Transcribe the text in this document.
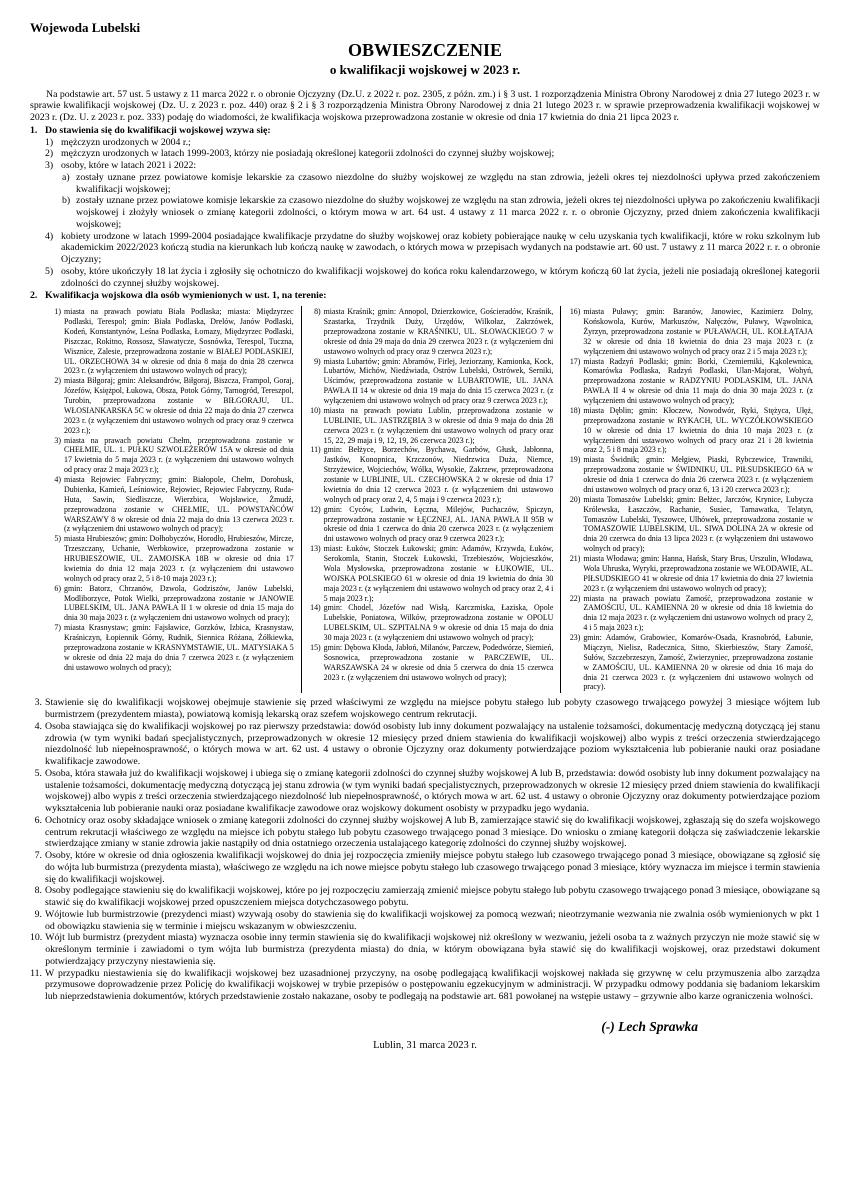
Wojewoda Lubelski
OBWIESZCZENIE
o kwalifikacji wojskowej w 2023 r.

Na podstawie art. 57 ust. 5 ustawy z 11 marca 2022 r. o obronie Ojczyzny (Dz.U. z 2022 r. poz. 2305, z późn. zm.) i § 3 ust. 1 rozporządzenia Ministra Obrony Narodowej z dnia 27 lutego 2023 r. w sprawie kwalifikacji wojskowej (Dz. U. z 2023 r. poz. 440) oraz § 2 i § 3 rozporządzenia Ministra Obrony Narodowej z dnia 21 lutego 2023 r. w sprawie przeprowadzenia kwalifikacji wojskowej w 2023 r. (Dz. U. z 2023 r. poz. 333) podaję do wiadomości, że kwalifikacja wojskowa przeprowadzona zostanie w okresie od dnia 17 kwietnia do dnia 21 lipca 2023 r.

1. Do stawienia się do kwalifikacji wojskowej wzywa się:
1) mężczyzn urodzonych w 2004 r.;
2) mężczyzn urodzonych w latach 1999-2003, którzy nie posiadają określonej kategorii zdolności do czynnej służby wojskowej;
3) osoby, które w latach 2021 i 2022:
a) zostały uznane przez powiatowe komisje lekarskie za czasowo niezdolne do służby wojskowej ze względu na stan zdrowia, jeżeli okres tej niezdolności upływa przed zakończeniem kwalifikacji wojskowej;
b) zostały uznane przez powiatowe komisje lekarskie za czasowo niezdolne do służby wojskowej ze względu na stan zdrowia, jeżeli okres tej niezdolności upływa po zakończeniu kwalifikacji wojskowej i złożyły wniosek o zmianę kategorii zdolności, o którym mowa w art. 64 ust. 4 ustawy z 11 marca 2022 r. r. o obronie Ojczyzny, przed dniem zakończenia kwalifikacji wojskowej;
4) kobiety urodzone w latach 1999-2004 posiadające kwalifikacje przydatne do służby wojskowej oraz kobiety pobierające naukę w celu uzyskania tych kwalifikacji, które w roku szkolnym lub akademickim 2022/2023 kończą studia na kierunkach lub kończą naukę w zawodach, o których mowa w przepisach wydanych na podstawie art. 60 ust. 7 ustawy z 11 marca 2022 r. r. o obronie Ojczyzny;
5) osoby, które ukończyły 18 lat życia i zgłosiły się ochotniczo do kwalifikacji wojskowej do końca roku kalendarzowego, w którym kończą 60 lat życia, jeżeli nie posiadają określonej kategorii zdolności do czynnej służby wojskowej.
2. Kwalifikacja wojskowa dla osób wymienionych w ust. 1, na terenie:
1) miasta na prawach powiatu Biała Podlaska; miasta: Międzyrzec Podlaski, Terespol; gmin: Biała Podlaska, Drelów, Janów Podlaski, Kodeń, Konstantynów, Leśna Podlaska, Łomazy, Międzyrzec Podlaski, Piszczac, Rokitno, Rossosz, Sławatycze, Sosnówka, Terespol, Tuczna, Wisznice, Zalesie, przeprowadzona zostanie w BIAŁEJ PODLASKIEJ, UL. ORZECHOWA 34 w okresie od dnia 8 maja do dnia 28 czerwca 2023 r. (z wyłączeniem dni ustawowo wolnych od pracy);
2) miasta Biłgoraj; gmin: Aleksandrów, Biłgoraj, Biszcza, Frampol, Goraj, Józefów, Księżpol, Łukowa, Obsza, Potok Górny, Tarnogród, Tereszpol, Turobin, przeprowadzona zostanie w BIŁGORAJU, UL. WŁOSIANKARSKA 5C w okresie od dnia 22 maja do dnia 27 czerwca 2023 r. (z wyłączeniem dni ustawowo wolnych od pracy oraz 9 czerwca 2023 r.);
3) miasta na prawach powiatu Chełm, przeprowadzona zostanie w CHEŁMIE, UL. 1. PUŁKU SZWOLEŻERÓW 15A w okresie od dnia 17 kwietnia do 5 maja 2023 r. (z wyłączeniem dni ustawowo wolnych od pracy oraz 2 maja 2023 r.);
4) miasta Rejowiec Fabryczny; gmin: Białopole, Chełm, Dorohusk, Dubienka, Kamień, Leśniowice, Rejowiec, Rejowiec Fabryczny, Ruda-Huta, Sawin, Siedliszcze, Wierzbica, Wojsławice, Żmudź, przeprowadzona zostanie w CHEŁMIE, UL. POWSTAŃCÓW WARSZAWY 8 w okresie od dnia 22 maja do dnia 13 czerwca 2023 r. (z wyłączeniem dni ustawowo wolnych od pracy);
5) miasta Hrubieszów; gmin: Dołhobyczów, Horodło, Hrubieszów, Mircze, Trzeszczany, Uchanie, Werbkowice, przeprowadzona zostanie w HRUBIESZOWIE, UL. ZAMOJSKA 18B w okresie od dnia 17 kwietnia do dnia 12 maja 2023 r. (z wyłączeniem dni ustawowo wolnych od pracy oraz 2, 5 i 8-10 maja 2023 r.);
6) gmin: Batorz, Chrzanów, Dzwola, Godziszów, Janów Lubelski, Modliborzyce, Potok Wielki, przeprowadzona zostanie w JANOWIE LUBELSKIM, UL. JANA PAWŁA II 1 w okresie od dnia 15 maja do dnia 30 maja 2023 r. (z wyłączeniem dni ustawowo wolnych od pracy);
7) miasta Krasnystaw; gmin: Fajsławice, Gorzków, Izbica, Krasnystaw, Kraśniczyn, Łopiennik Górny, Rudnik, Siennica Różana, Żółkiewka, przeprowadzona zostanie w KRASNYMSTAWIE, UL. MATYSIAKA 5 w okresie od dnia 22 maja do dnia 7 czerwca 2023 r. (z wyłączeniem dni ustawowo wolnych od pracy);
8) miasta Kraśnik; gmin: Annopol, Dzierzkowice, Gościeradów, Kraśnik, Szastarka, Trzydnik Duży, Urzędów, Wilkołaz, Zakrzówek, przeprowadzona zostanie w KRAŚNIKU, UL. SŁOWACKIEGO 7 w okresie od dnia 29 maja do dnia 29 czerwca 2023 r. (z wyłączeniem dni ustawowo wolnych od pracy oraz 9 czerwca 2023 r.);
9) miasta Lubartów; gmin: Abramów, Firlej, Jeziorzany, Kamionka, Kock, Lubartów, Michów, Niedźwiada, Ostrów Lubelski, Ostrówek, Serniki, Uścimów, przeprowadzona zostanie w LUBARTOWIE, UL. JANA PAWŁA II 14 w okresie od dnia 19 maja do dnia 15 czerwca 2023 r. (z wyłączeniem dni ustawowo wolnych od pracy oraz 9 czerwca 2023 r.);
10) miasta na prawach powiatu Lublin, przeprowadzona zostanie w LUBLINIE, UL. JASTRZĘBIA 3 w okresie od dnia 9 maja do dnia 28 czerwca 2023 r. (z wyłączeniem dni ustawowo wolnych od pracy oraz 15, 22, 29 maja i 9, 12, 19, 26 czerwca 2023 r.);
11) gmin: Bełżyce, Borzechów, Bychawa, Garbów, Głusk, Jabłonna, Jastków, Konopnica, Krzczonów, Niedrzwica Duża, Niemce, Strzyżewice, Wojciechów, Wólka, Wysokie, Zakrzew, przeprowadzona zostanie w LUBLINIE, UL. CZECHOWSKA 2 w okresie od dnia 17 kwietnia do dnia 12 czerwca 2023 r. (z wyłączeniem dni ustawowo wolnych od pracy oraz 2, 4, 5 maja i 9 czerwca 2023 r.);
12) gmin: Cyców, Ludwin, Łęczna, Milejów, Puchaczów, Spiczyn, przeprowadzona zostanie w ŁĘCZNEJ, AL. JANA PAWŁA II 95B w okresie od dnia 1 czerwca do dnia 20 czerwca 2023 r. (z wyłączeniem dni ustawowo wolnych od pracy oraz 9 czerwca 2023 r.);
13) miast: Łuków, Stoczek Łukowski; gmin: Adamów, Krzywda, Łuków, Serokomla, Stanin, Stoczek Łukowski, Trzebieszów, Wojcieszków, Wola Mysłowska, przeprowadzona zostanie w ŁUKOWIE, UL. WOJSKA POLSKIEGO 61 w okresie od dnia 19 kwietnia do dnia 30 maja 2023 r. (z wyłączeniem dni ustawowo wolnych od pracy oraz 2, 4 i 5 maja 2023 r.);
14) gmin: Chodel, Józefów nad Wisłą, Karczmiska, Łaziska, Opole Lubelskie, Poniatowa, Wilków, przeprowadzona zostanie w OPOLU LUBELSKIM, UL. SZPITALNA 9 w okresie od dnia 15 maja do dnia 30 maja 2023 r. (z wyłączeniem dni ustawowo wolnych od pracy);
15) gmin: Dębowa Kłoda, Jabłoń, Milanów, Parczew, Podedwórze, Siemień, Sosnowica, przeprowadzona zostanie w PARCZEWIE, UL. WARSZAWSKA 24 w okresie od dnia 5 czerwca do dnia 15 czerwca 2023 r. (z wyłączeniem dni ustawowo wolnych od pracy);
16) miasta Puławy; gmin: Baranów, Janowiec, Kazimierz Dolny, Końskowola, Kurów, Markuszów, Nałęczów, Puławy, Wąwolnica, Żyrzyn, przeprowadzona zostanie w PUŁAWACH, UL. KOŁŁĄTAJA 32 w okresie od dnia 18 kwietnia do dnia 23 maja 2023 r. (z wyłączeniem dni ustawowo wolnych od pracy oraz 2 i 5 maja 2023 r.);
17) miasta Radzyń Podlaski; gmin: Borki, Czemierniki, Kąkolewnica, Komarówka Podlaska, Radzyń Podlaski, Ulan-Majorat, Wohyń, przeprowadzona zostanie w RADZYNIU PODLASKIM, UL. JANA PAWŁA II 4 w okresie od dnia 11 maja do dnia 30 maja 2023 r. (z wyłączeniem dni ustawowo wolnych od pracy);
18) miasta Dęblin; gmin: Kłoczew, Nowodwór, Ryki, Stężyca, Ułęż, przeprowadzona zostanie w RYKACH, UL. WYCZÓŁKOWSKIEGO 10 w okresie od dnia 17 kwietnia do dnia 10 maja 2023 r. (z wyłączeniem dni ustawowo wolnych od pracy oraz 21 i 28 kwietnia oraz 2, 5 i 8 maja 2023 r.);
19) miasta Świdnik; gmin: Mełgiew, Piaski, Rybczewice, Trawniki, przeprowadzona zostanie w ŚWIDNIKU, UL. PIŁSUDSKIEGO 6A w okresie od dnia 1 czerwca do dnia 26 czerwca 2023 r. (z wyłączeniem dni ustawowo wolnych od pracy oraz 6, 13 i 20 czerwca 2023 r.);
20) miasta Tomaszów Lubelski; gmin: Bełżec, Jarczów, Krynice, Lubycza Królewska, Łaszczów, Rachanie, Susiec, Tarnawatka, Telatyn, Tomaszów Lubelski, Tyszowce, Ulhówek, przeprowadzona zostanie w TOMASZOWIE LUBELSKIM, UL. SIWA DOLINA 2A w okresie od dnia 20 czerwca do dnia 13 lipca 2023 r. (z wyłączeniem dni ustawowo wolnych od pracy);
21) miasta Włodawa; gmin: Hanna, Hańsk, Stary Brus, Urszulin, Włodawa, Wola Uhruska, Wyryki, przeprowadzona zostanie we WŁODAWIE, AL. PIŁSUDSKIEGO 41 w okresie od dnia 17 kwietnia do dnia 27 kwietnia 2023 r. (z wyłączeniem dni ustawowo wolnych od pracy);
22) miasta na prawach powiatu Zamość, przeprowadzona zostanie w ZAMOŚCIU, UL. KAMIENNA 20 w okresie od dnia 18 kwietnia do dnia 12 maja 2023 r. (z wyłączeniem dni ustawowo wolnych od pracy 2, 4 i 5 maja 2023 r.);
23) gmin: Adamów, Grabowiec, Komarów-Osada, Krasnobród, Łabunie, Miączyn, Nielisz, Radecznica, Sitno, Skierbieszów, Stary Zamość, Sułów, Szczebrzeszyn, Zamość, Zwierzyniec, przeprowadzona zostanie w ZAMOŚCIU, UL. KAMIENNA 20 w okresie od dnia 16 maja do dnia 21 czerwca 2023 r. (z wyłączeniem dni ustawowo wolnych od pracy).
3. Stawienie się do kwalifikacji wojskowej obejmuje stawienie się przed właściwymi ze względu na miejsce pobytu stałego lub pobyty czasowego trwającego powyżej 3 miesiące wójtem lub burmistrzem (prezydentem miasta), powiatową komisją lekarską oraz szefem wojskowego centrum rekrutacji.
4. Osoba stawiająca się do kwalifikacji wojskowej po raz pierwszy przedstawia: dowód osobisty lub inny dokument pozwalający na ustalenie tożsamości, dokumentację medyczną dotyczącą jej stanu zdrowia (w tym wyniki badań specjalistycznych, przeprowadzonych w okresie 12 miesięcy przed dniem stawienia do kwalifikacji wojskowej) albo wypis z treści orzeczenia stwierdzającego niezdolność lub niepełnosprawność, o których mowa w art. 62 ust. 4 ustawy o obronie Ojczyzny oraz dokumenty potwierdzające poziom wykształcenia lub pobieranie nauki oraz posiadane kwalifikacje zawodowe.
5. Osoba, która stawała już do kwalifikacji wojskowej i ubiega się o zmianę kategorii zdolności do czynnej służby wojskowej A lub B, przedstawia: dowód osobisty lub inny dokument pozwalający na ustalenie tożsamości, dokumentację medyczną dotyczącą jej stanu zdrowia (w tym wyniki badań specjalistycznych, przeprowadzonych w okresie 12 miesięcy przed dniem stawienia do kwalifikacji wojskowej) albo wypis z treści orzeczenia stwierdzającego niezdolność lub niepełnosprawność, o których mowa w art. 62 ust. 4 ustawy o obronie Ojczyzny oraz dokumenty potwierdzające poziom wykształcenia lub pobieranie nauki oraz posiadane kwalifikacje zawodowe oraz wojskowy dokument osobisty w przypadku jego wydania.
6. Ochotnicy oraz osoby składające wniosek o zmianę kategorii zdolności do czynnej służby wojskowej A lub B, zamierzające stawić się do kwalifikacji wojskowej, zgłaszają się do szefa wojskowego centrum rekrutacji właściwego ze względu na miejsce ich pobytu stałego lub pobytu czasowego trwającego ponad 3 miesiące. Do wniosku o zmianę kategorii dołącza się zaświadczenie lekarskie stwierdzające zmiany w stanie zdrowia jakie nastąpiły od dnia ostatniego orzeczenia ustalającego kategorię zdolności do czynnej służby wojskowej.
7. Osoby, które w okresie od dnia ogłoszenia kwalifikacji wojskowej do dnia jej rozpoczęcia zmieniły miejsce pobytu stałego lub czasowego trwającego ponad 3 miesiące, obowiązane są zgłosić się do wójta lub burmistrza (prezydenta miasta), właściwego ze względu na ich nowe miejsce pobytu stałego lub czasowego trwającego ponad 3 miesiące, który wyznacza im miejsce i termin stawienia się do kwalifikacji wojskowej.
8. Osoby podlegające stawieniu się do kwalifikacji wojskowej, które po jej rozpoczęciu zamierzają zmienić miejsce pobytu stałego lub pobytu czasowego trwającego ponad 3 miesiące, obowiązane są stawić się do kwalifikacji wojskowej przed opuszczeniem miejsca dotychczasowego pobytu.
9. Wójtowie lub burmistrzowie (prezydenci miast) wzywają osoby do stawienia się do kwalifikacji wojskowej za pomocą wezwań; nieotrzymanie wezwania nie zwalnia osób wymienionych w pkt 1 od obowiązku stawienia się w terminie i miejscu wskazanym w obwieszczeniu.
10. Wójt lub burmistrz (prezydent miasta) wyznacza osobie inny termin stawienia się do kwalifikacji wojskowej niż określony w wezwaniu, jeżeli osoba ta z ważnych przyczyn nie może stawić się w określonym terminie i zawiadomi o tym wójta lub burmistrza (prezydenta miasta) do dnia, w którym obowiązana była stawić się do kwalifikacji wojskowej, oraz przedstawi dokument potwierdzający przyczyny niestawienia się.
11. W przypadku niestawienia się do kwalifikacji wojskowej bez uzasadnionej przyczyny, na osobę podlegającą kwalifikacji wojskowej nakłada się grzywnę w celu przymuszenia albo zarządza przymusowe doprowadzenie przez Policję do kwalifikacji wojskowej w trybie przepisów o postępowaniu egzekucyjnym w administracji. W przypadku odmowy poddania się badaniom lekarskim lub nieprzedstawienia dokumentów, których przedstawienie zostało nakazane, osoby te podlegają na podstawie art. 681 powołanej na wstępie ustawy – grzywnie albo karze ograniczenia wolności.
(-) Lech Sprawka
Lublin, 31 marca 2023 r.
